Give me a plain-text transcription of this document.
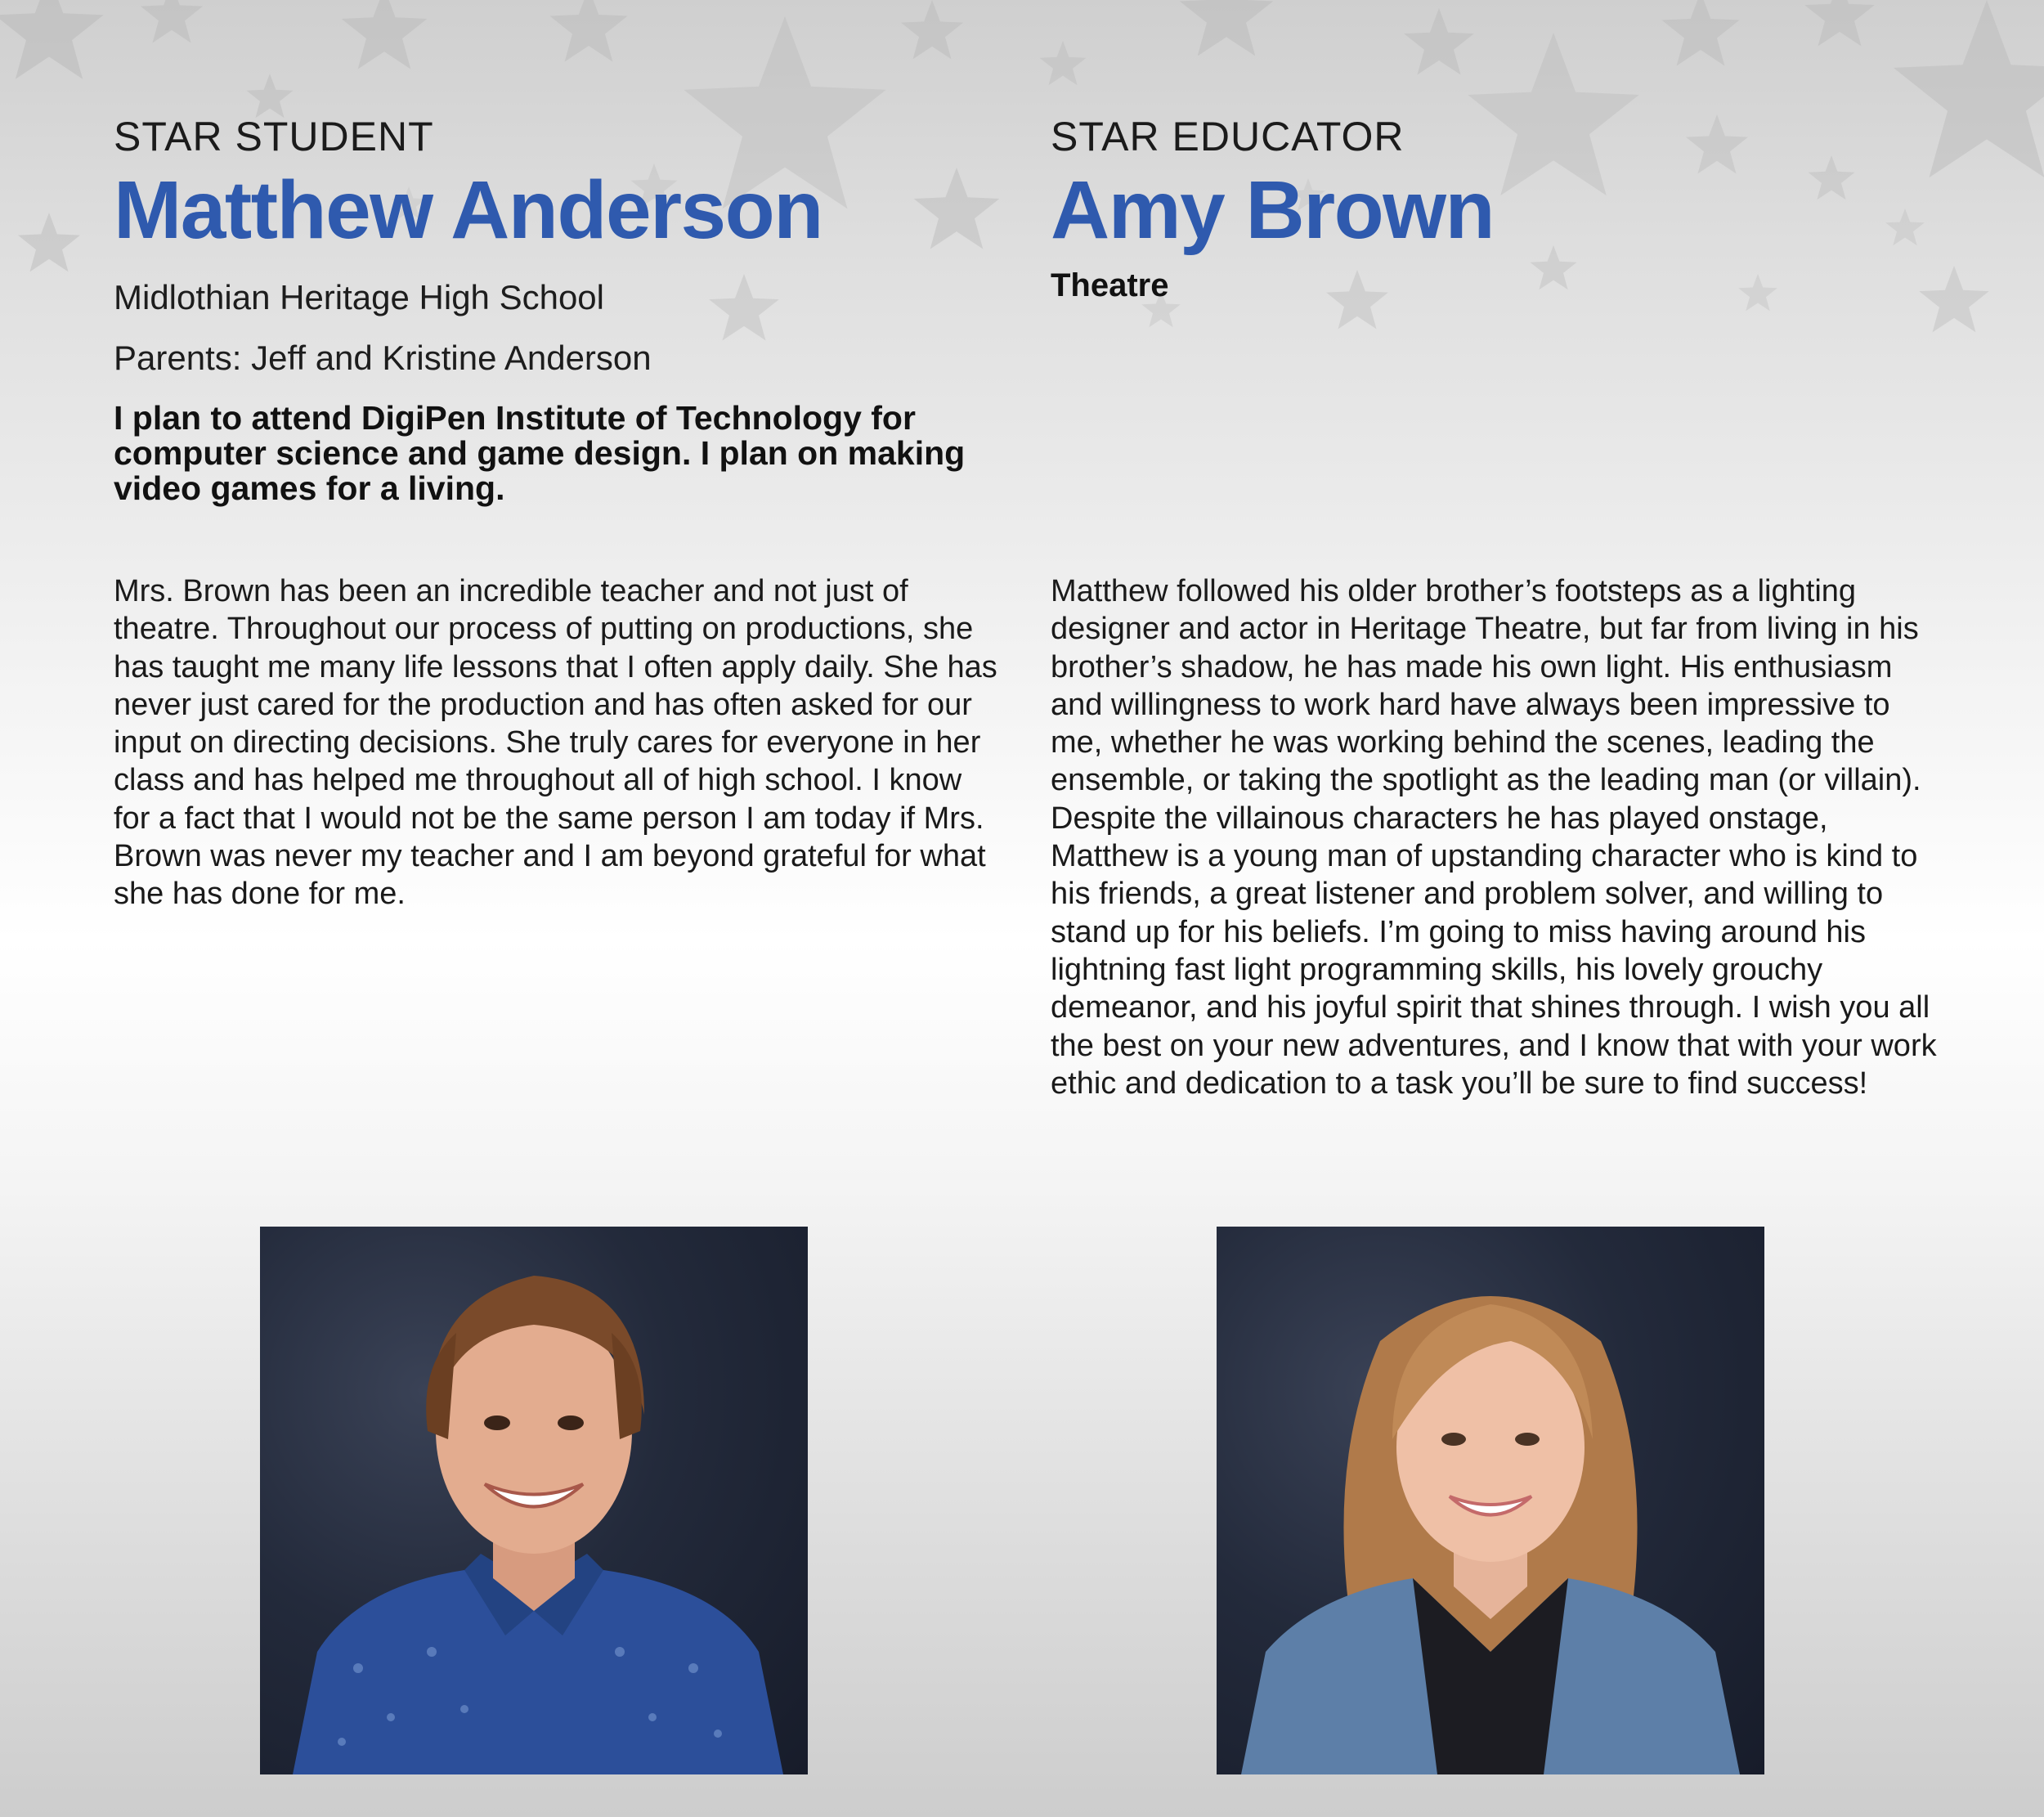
STAR STUDENT
Matthew Anderson
Midlothian Heritage High School
Parents: Jeff and Kristine Anderson
I plan to attend DigiPen Institute of Technology for computer science and game design. I plan on making video games for a living.
Mrs. Brown has been an incredible teacher and not just of theatre. Throughout our process of putting on productions, she has taught me many life lessons that I often apply daily. She has never just cared for the production and has often asked for our input on directing decisions. She truly cares for everyone in her class and has helped me throughout all of high school. I know for a fact that I would not be the same person I am today if Mrs. Brown was never my teacher and I am beyond grateful for what she has done for me.
STAR EDUCATOR
Amy Brown
Theatre
Matthew followed his older brother’s footsteps as a lighting designer and actor in Heritage Theatre, but far from living in his brother’s shadow, he has made his own light. His enthusiasm and willingness to work hard have always been impressive to me, whether he was working behind the scenes, leading the ensemble, or taking the spotlight as the leading man (or villain). Despite the villainous characters he has played onstage, Matthew is a young man of upstanding character who is kind to his friends, a great listener and problem solver, and willing to stand up for his beliefs. I’m going to miss having around his lightning fast light programming skills, his lovely grouchy demeanor, and his joyful spirit that shines through. I wish you all the best on your new adventures, and I know that with your work ethic and dedication to a task you’ll be sure to find success!
